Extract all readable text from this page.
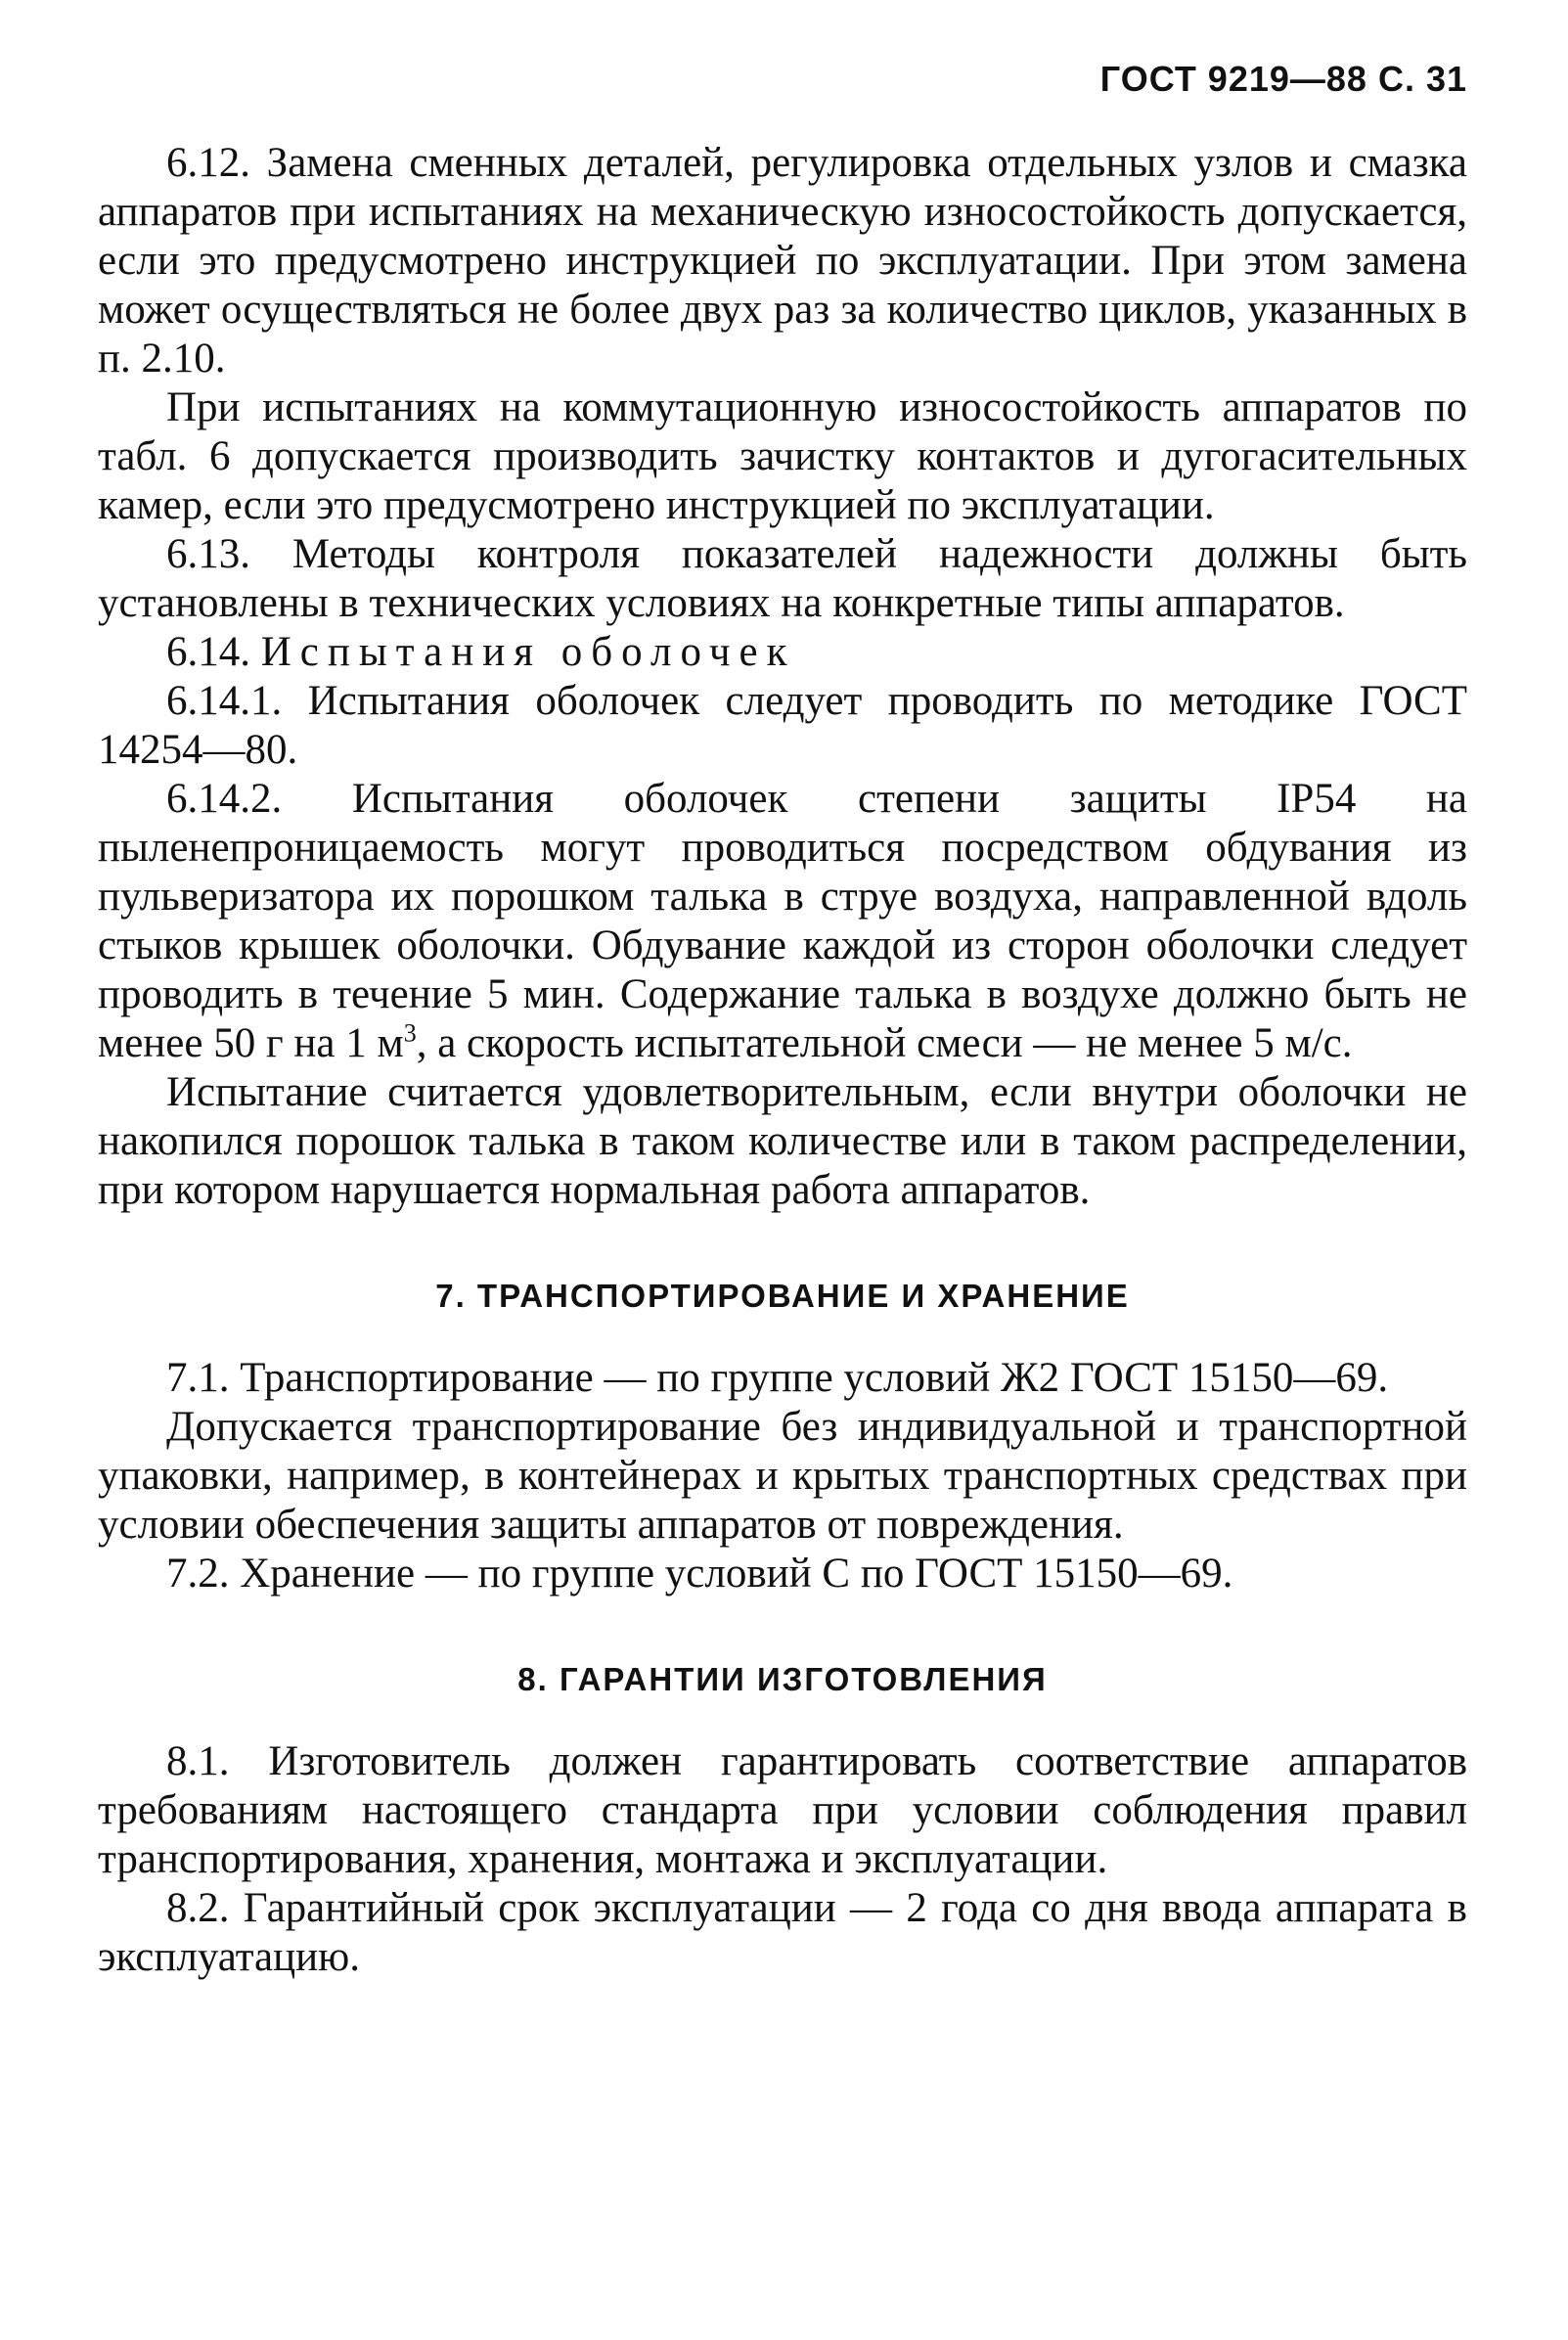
ГОСТ 9219—88 С. 31

6.12. Замена сменных деталей, регулировка отдельных узлов и смазка аппаратов при испытаниях на механическую износостойкость допускается, если это предусмотрено инструкцией по эксплуатации. При этом замена может осуществляться не более двух раз за количество циклов, указанных в п. 2.10.

При испытаниях на коммутационную износостойкость аппаратов по табл. 6 допускается производить зачистку контактов и дугогасительных камер, если это предусмотрено инструкцией по эксплуатации.

6.13. Методы контроля показателей надежности должны быть установлены в технических условиях на конкретные типы аппаратов.

6.14. Испытания оболочек

6.14.1. Испытания оболочек следует проводить по методике ГОСТ 14254—80.

6.14.2. Испытания оболочек степени защиты IP54 на пыленепроницаемость могут проводиться посредством обдувания из пульверизатора их порошком талька в струе воздуха, направленной вдоль стыков крышек оболочки. Обдувание каждой из сторон оболочки следует проводить в течение 5 мин. Содержание талька в воздухе должно быть не менее 50 г на 1 $м^3$, а скорость испытательной смеси — не менее 5 м/с.

Испытание считается удовлетворительным, если внутри оболочки не накопился порошок талька в таком количестве или в таком распределении, при котором нарушается нормальная работа аппаратов.

7. ТРАНСПОРТИРОВАНИЕ И ХРАНЕНИЕ

7.1. Транспортирование — по группе условий Ж2 ГОСТ 15150—69.

Допускается транспортирование без индивидуальной и транспортной упаковки, например, в контейнерах и крытых транспортных средствах при условии обеспечения защиты аппаратов от повреждения.

7.2. Хранение — по группе условий С по ГОСТ 15150—69.

8. ГАРАНТИИ ИЗГОТОВЛЕНИЯ

8.1. Изготовитель должен гарантировать соответствие аппаратов требованиям настоящего стандарта при условии соблюдения правил транспортирования, хранения, монтажа и эксплуатации.

8.2. Гарантийный срок эксплуатации — 2 года со дня ввода аппарата в эксплуатацию.
